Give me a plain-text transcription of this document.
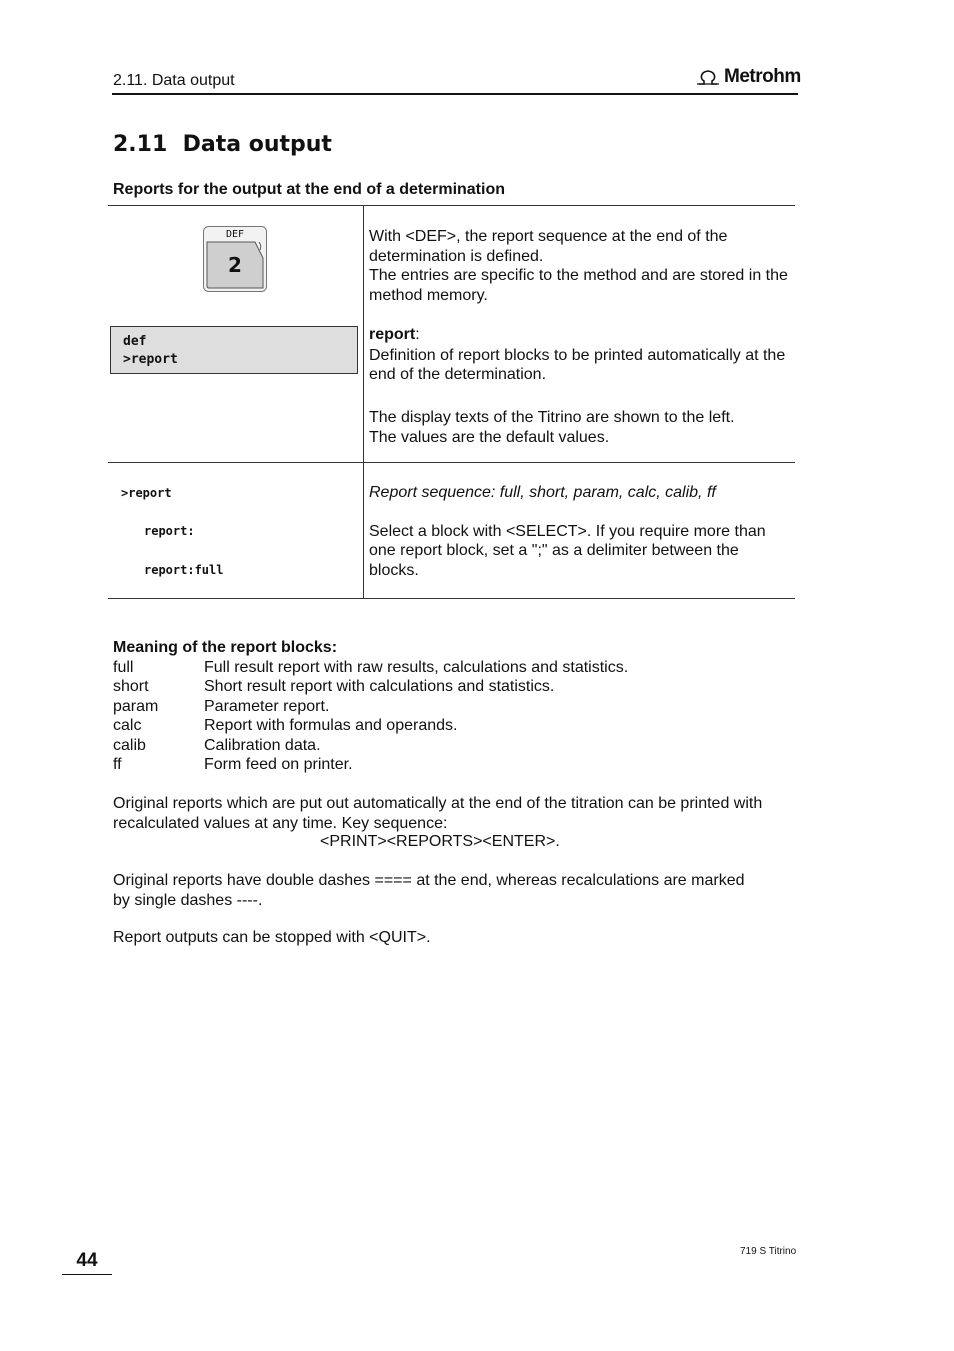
2.11. Data output	Metrohm
2.11  Data output
Reports for the output at the end of a determination
DEF
2
def
>report
With <DEF>, the report sequence at the end of the determination is defined.
The entries are specific to the method and are stored in the method memory.
report:
Definition of report blocks to be printed automatically at the end of the determination.
The display texts of the Titrino are shown to the left.
The values are the default values.
>report
report:
report:full
Report sequence: full, short, param, calc, calib, ff
Select a block with <SELECT>. If you require more than one report block, set a ";" as a delimiter between the blocks.
Meaning of the report blocks:
full	Full result report with raw results, calculations and statistics.
short	Short result report with calculations and statistics.
param	Parameter report.
calc	Report with formulas and operands.
calib	Calibration data.
ff	Form feed on printer.
Original reports which are put out automatically at the end of the titration can be printed with recalculated values at any time. Key sequence:
<PRINT><REPORTS><ENTER>.
Original reports have double dashes ==== at the end, whereas recalculations are marked by single dashes ----.
Report outputs can be stopped with <QUIT>.
44	719 S Titrino
